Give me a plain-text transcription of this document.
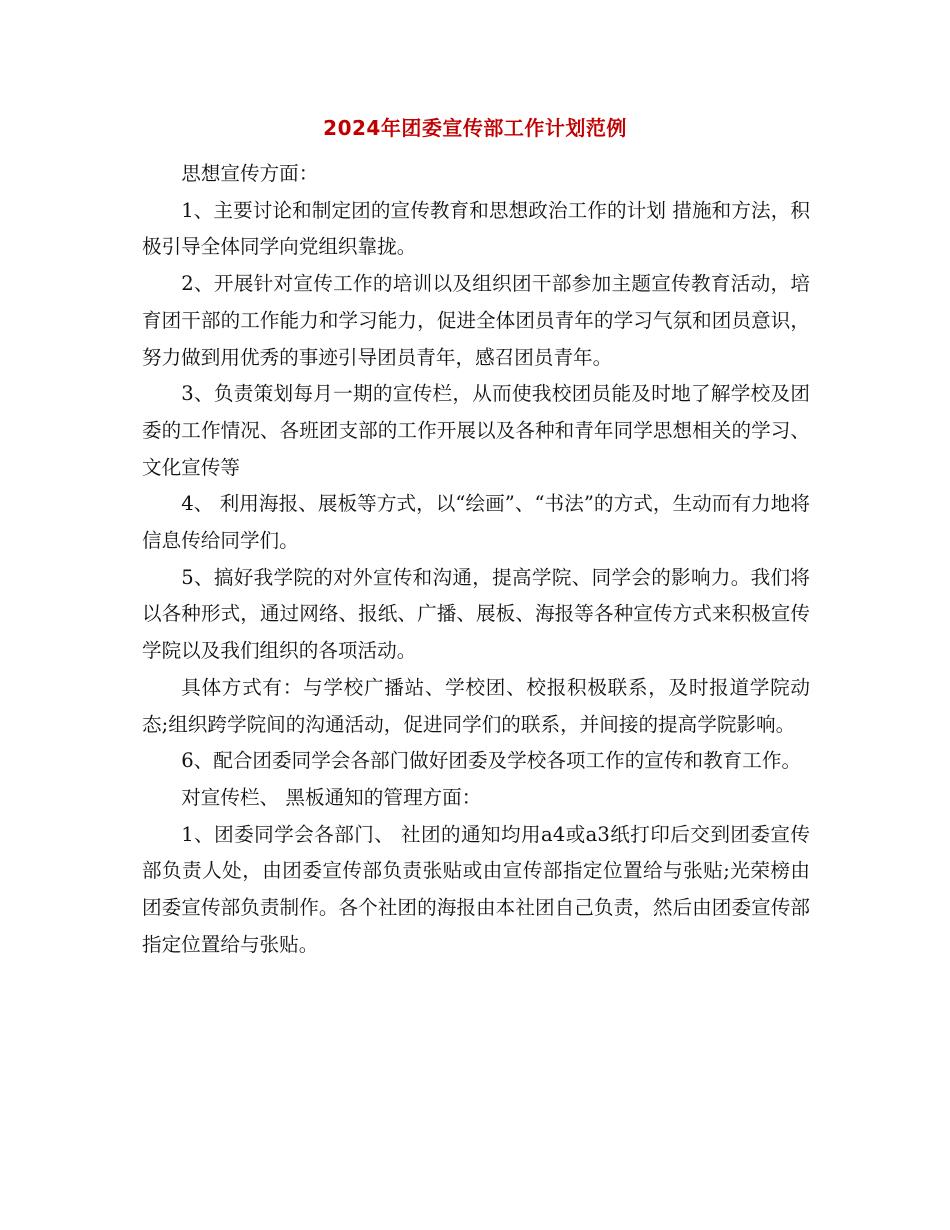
2024年团委宣传部工作计划范例

思想宣传方面：

1、主要讨论和制定团的宣传教育和思想政治工作的计划 措施和方法，积极引导全体同学向党组织靠拢。

2、开展针对宣传工作的培训以及组织团干部参加主题宣传教育活动，培育团干部的工作能力和学习能力，促进全体团员青年的学习气氛和团员意识，努力做到用优秀的事迹引导团员青年，感召团员青年。

3、负责策划每月一期的宣传栏，从而使我校团员能及时地了解学校及团委的工作情况、各班团支部的工作开展以及各种和青年同学思想相关的学习、文化宣传等

4、 利用海报、展板等方式，以“绘画”、“书法”的方式，生动而有力地将信息传给同学们。

5、搞好我学院的对外宣传和沟通，提高学院、同学会的影响力。我们将以各种形式，通过网络、报纸、广播、展板、海报等各种宣传方式来积极宣传学院以及我们组织的各项活动。

具体方式有：与学校广播站、学校团、校报积极联系，及时报道学院动态;组织跨学院间的沟通活动，促进同学们的联系，并间接的提高学院影响。

6、配合团委同学会各部门做好团委及学校各项工作的宣传和教育工作。

对宣传栏、 黑板通知的管理方面：

1、团委同学会各部门、 社团的通知均用a4或a3纸打印后交到团委宣传部负责人处，由团委宣传部负责张贴或由宣传部指定位置给与张贴;光荣榜由团委宣传部负责制作。各个社团的海报由本社团自己负责，然后由团委宣传部指定位置给与张贴。
